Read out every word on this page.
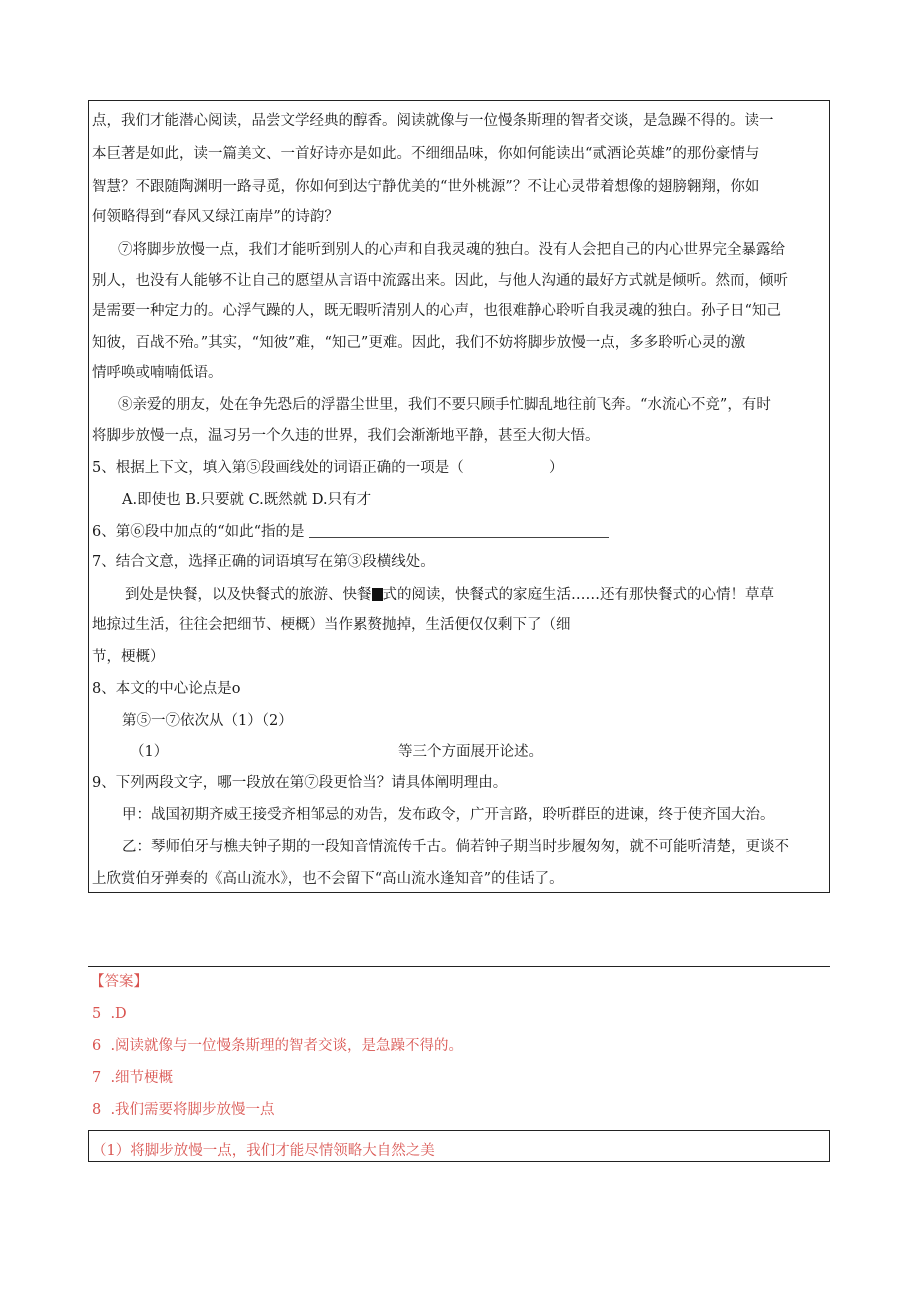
点，我们才能潜心阅读，品尝文学经典的醇香。阅读就像与一位慢条斯理的智者交谈，是急躁不得的。读一
本巨著是如此，读一篇美文、一首好诗亦是如此。不细细品味，你如何能读出“贰酒论英雄”的那份豪情与
智慧？不跟随陶渊明一路寻觅，你如何到达宁静优美的“世外桃源”？不让心灵带着想像的翅膀翱翔，你如
何领略得到“春风又绿江南岸”的诗韵？
⑦将脚步放慢一点，我们才能听到别人的心声和自我灵魂的独白。没有人会把自己的内心世界完全暴露给
别人，也没有人能够不让自己的愿望从言语中流露出来。因此，与他人沟通的最好方式就是倾听。然而，倾听
是需要一种定力的。心浮气躁的人，既无暇听清别人的心声，也很难静心聆听自我灵魂的独白。孙子日“知己
知彼，百战不殆。”其实，“知彼”难，“知己”更难。因此，我们不妨将脚步放慢一点，多多聆听心灵的激
情呼唤或喃喃低语。
⑧亲爱的朋友，处在争先恐后的浮嚣尘世里，我们不要只顾手忙脚乱地往前飞奔。“水流心不竞”，有时
将脚步放慢一点，温习另一个久违的世界，我们会渐渐地平静，甚至大彻大悟。
5、根据上下文，填入第⑤段画线处的词语正确的一项是（	）
A.即使也 B.只要就 C.既然就 D.只有才
6、第⑥段中加点的“如此“指的是
7、结合文意，选择正确的词语填写在第③段横线处。
到处是快餐，以及快餐式的旅游、快餐 式的阅读，快餐式的家庭生活……还有那快餐式的心情！草草
地掠过生活，往往会把细节、梗概）当作累赘抛掉，生活便仅仅剩下了（细
节，梗概）
8、本文的中心论点是o
第⑤一⑦依次从（1）（2）
（1）	等三个方面展开论述。
9、下列两段文字，哪一段放在第⑦段更恰当？请具体阐明理由。
甲：战国初期齐威王接受齐相邹忌的劝告，发布政令，广开言路，聆听群臣的进谏，终于使齐国大治。
乙：琴师伯牙与樵夫钟子期的一段知音情流传千古。倘若钟子期当时步履匆匆，就不可能听清楚，更谈不
上欣赏伯牙弹奏的《高山流水》，也不会留下“高山流水逢知音”的佳话了。
【答案】
5  .D
6  .阅读就像与一位慢条斯理的智者交谈，是急躁不得的。
7  .细节梗概
8  .我们需要将脚步放慢一点
（1）将脚步放慢一点，我们才能尽情领略大自然之美
